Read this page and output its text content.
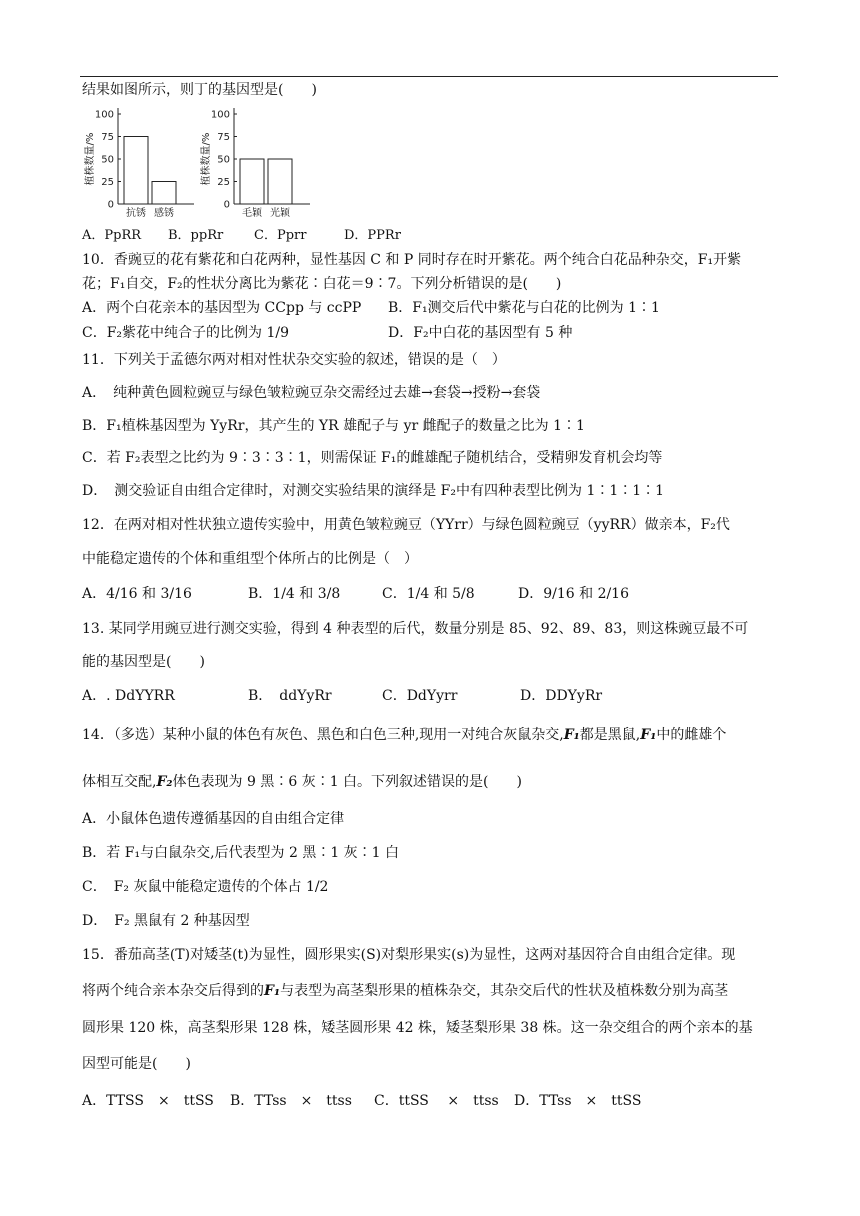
结果如图所示，则丁的基因型是(　　)
植株数量/%
100
75
50
25
0
抗锈 感锈
植株数量/%
100
75
50
25
0
毛颖 光颖
A．PpRR B．ppRr C．Pprr	D．PPRr
10．香豌豆的花有紫花和白花两种，显性基因 C 和 P 同时存在时开紫花。两个纯合白花品种杂交，F₁开紫
花；F₁自交，F₂的性状分离比为紫花∶白花＝9∶7。下列分析错误的是(　　)
A．两个白花亲本的基因型为 CCpp 与 ccPP B．F₁测交后代中紫花与白花的比例为 1∶1
C．F₂紫花中纯合子的比例为 1/9	D．F₂中白花的基因型有 5 种
11．下列关于孟德尔两对相对性状杂交实验的叙述，错误的是（　）
A．　纯种黄色圆粒豌豆与绿色皱粒豌豆杂交需经过去雄→套袋→授粉→套袋
B．F₁植株基因型为 YyRr，其产生的 YR 雄配子与 yr 雌配子的数量之比为 1∶1
C．若 F₂表型之比约为 9∶3∶3∶1，则需保证 F₁的雌雄配子随机结合，受精卵发育机会均等
D．　测交验证自由组合定律时，对测交实验结果的演绎是 F₂中有四种表型比例为 1∶1∶1∶1
12．在两对相对性状独立遗传实验中，用黄色皱粒豌豆（YYrr）与绿色圆粒豌豆（yyRR）做亲本，F₂代
中能稳定遗传的个体和重组型个体所占的比例是（　）
A．4/16 和 3/16	B．1/4 和 3/8	C．1/4 和 5/8	D．9/16 和 2/16
13. 某同学用豌豆进行测交实验，得到 4 种表型的后代，数量分别是 85、92、89、83，则这株豌豆最不可
能的基因型是(　　)
A．. DdYYRR	B．　ddYyRr	C．DdYyrr	D．DDYyRr
14．（多选）某种小鼠的体色有灰色、黑色和白色三种,现用一对纯合灰鼠杂交,F₁都是黑鼠,F₁中的雌雄个
体相互交配,F₂体色表现为 9 黑∶6 灰∶1 白。下列叙述错误的是(　　)
A．小鼠体色遗传遵循基因的自由组合定律
B．若 F₁与白鼠杂交,后代表型为 2 黑∶1 灰∶1 白
C．　F₂ 灰鼠中能稳定遗传的个体占 1/2
D．　F₂ 黑鼠有 2 种基因型
15．番茄高茎(T)对矮茎(t)为显性，圆形果实(S)对梨形果实(s)为显性，这两对基因符合自由组合定律。现
将两个纯合亲本杂交后得到的F₁与表型为高茎梨形果的植株杂交，其杂交后代的性状及植株数分别为高茎
圆形果 120 株，高茎梨形果 128 株，矮茎圆形果 42 株，矮茎梨形果 38 株。这一杂交组合的两个亲本的基
因型可能是(　　)
A．TTSS　×　ttSS B．TTss　×　ttss C．ttSS　 ×　ttss D．TTss　×　ttSS
